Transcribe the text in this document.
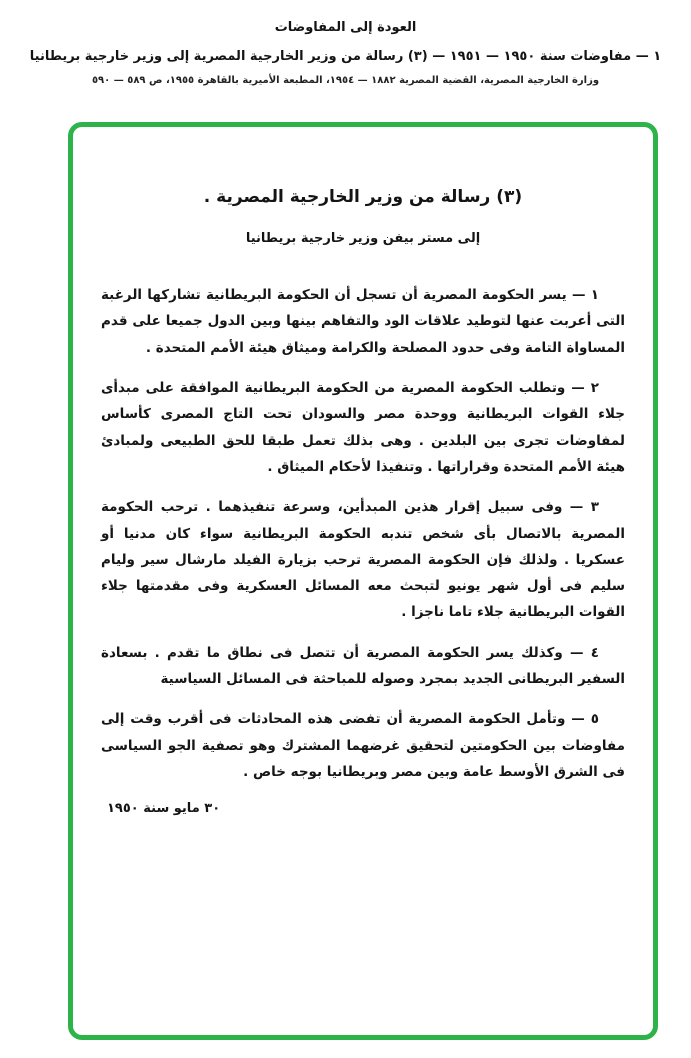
العودة إلى المفاوضات
١ — مفاوضات سنة ١٩٥٠ — ١٩٥١ — (٣) رسالة من وزير الخارجية المصرية إلى وزير خارجية بريطانيا
وزارة الخارجية المصرية، القضية المصرية ١٨٨٢ — ١٩٥٤، المطبعة الأميرية بالقاهرة ١٩٥٥، ص ٥٨٩ — ٥٩٠
(٣) رسالة من وزير الخارجية المصرية .
إلى مستر بيفن وزير خارجية بريطانيا

١ — يسر الحكومة المصرية أن تسجل أن الحكومة البريطانية تشاركها الرغبة التى أعربت عنها لتوطيد علاقات الود والتفاهم بينها وبين الدول جميعا على قدم المساواة التامة وفى حدود المصلحة والكرامة وميثاق هيئة الأمم المتحدة .

٢ — وتطلب الحكومة المصرية من الحكومة البريطانية الموافقة على مبدأى جلاء القوات البريطانية ووحدة مصر والسودان تحت التاج المصرى كأساس لمفاوضات تجرى بين البلدين . وهى بذلك تعمل طبقا للحق الطبيعى ولمبادئ هيئة الأمم المتحدة وقراراتها . وتنفيذا لأحكام الميثاق .

٣ — وفى سبيل إقرار هذين المبدأين، وسرعة تنفيذهما . ترحب الحكومة المصرية بالاتصال بأى شخص تندبه الحكومة البريطانية سواء كان مدنيا أو عسكريا . ولذلك فإن الحكومة المصرية ترحب بزيارة الفيلد مارشال سير وليام سليم فى أول شهر يونيو لتبحث معه المسائل العسكرية وفى مقدمتها جلاء القوات البريطانية جلاء تاما ناجزا .

٤ — وكذلك يسر الحكومة المصرية أن تتصل فى نطاق ما تقدم . بسعادة السفير البريطانى الجديد بمجرد وصوله للمباحثة فى المسائل السياسية

٥ — وتأمل الحكومة المصرية أن تفضى هذه المحادثات فى أقرب وقت إلى مفاوضات بين الحكومتين لتحقيق غرضهما المشترك وهو تصفية الجو السياسى فى الشرق الأوسط عامة وبين مصر وبريطانيا بوجه خاص .

٣٠ مايو سنة ١٩٥٠
